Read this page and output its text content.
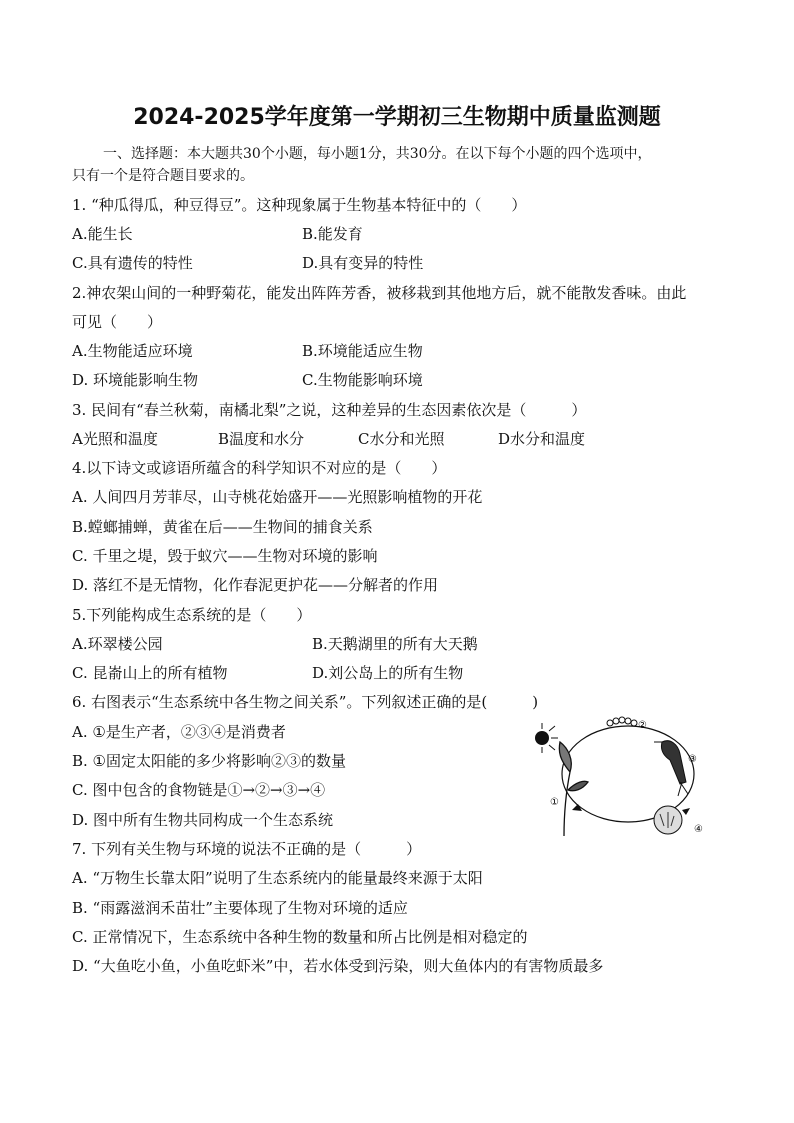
2024-2025学年度第一学期初三生物期中质量监测题
一、选择题：本大题共30个小题，每小题1分，共30分。在以下每个小题的四个选项中，
只有一个是符合题目要求的。
1. “种瓜得瓜，种豆得豆”。这种现象属于生物基本特征中的（　　）
A.能生长	B.能发育
C.具有遗传的特性	D.具有变异的特性
2.神农架山间的一种野菊花，能发出阵阵芳香，被移栽到其他地方后，就不能散发香味。由此
可见（　　）
A.生物能适应环境	B.环境能适应生物
D. 环境能影响生物	C.生物能影响环境
3. 民间有“春兰秋菊，南橘北梨”之说，这种差异的生态因素依次是（　　　）
A光照和温度	B温度和水分	C水分和光照	D水分和温度
4.以下诗文或谚语所蕴含的科学知识不对应的是（　　）
A. 人间四月芳菲尽，山寺桃花始盛开——光照影响植物的开花
B.螳螂捕蝉，黄雀在后——生物间的捕食关系
C. 千里之堤，毁于蚁穴——生物对环境的影响
D. 落红不是无情物，化作春泥更护花——分解者的作用
5.下列能构成生态系统的是（　　）
A.环翠楼公园	B.天鹅湖里的所有大天鹅
C. 昆嵛山上的所有植物	D.刘公岛上的所有生物
6. 右图表示“生态系统中各生物之间关系”。下列叙述正确的是(　　　)
A. ①是生产者，②③④是消费者
B. ①固定太阳能的多少将影响②③的数量
C. 图中包含的食物链是①→②→③→④
D. 图中所有生物共同构成一个生态系统
①
②
③
④
7. 下列有关生物与环境的说法不正确的是（　　　）
A. “万物生长靠太阳”说明了生态系统内的能量最终来源于太阳
B. “雨露滋润禾苗壮”主要体现了生物对环境的适应
C. 正常情况下，生态系统中各种生物的数量和所占比例是相对稳定的
D. “大鱼吃小鱼，小鱼吃虾米”中，若水体受到污染，则大鱼体内的有害物质最多
